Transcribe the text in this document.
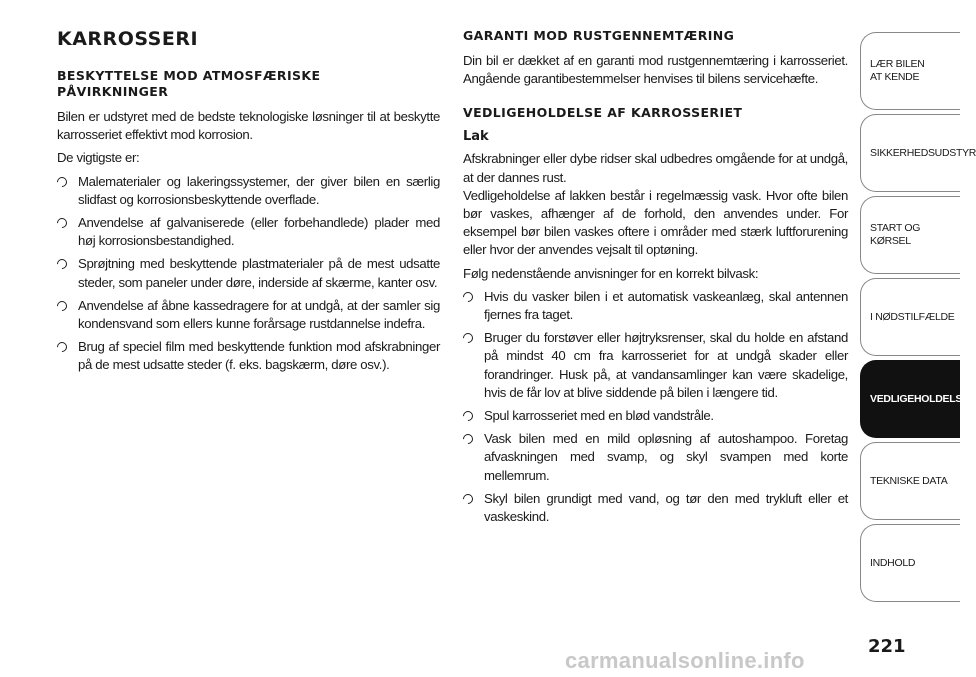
KARROSSERI
BESKYTTELSE MOD ATMOSFÆRISKE
PÅVIRKNINGER

Bilen er udstyret med de bedste teknologiske løsninger til at beskytte karrosseriet effektivt mod korrosion.

De vigtigste er:

Malematerialer og lakeringssystemer, der giver bilen en særlig slidfast og korrosionsbeskyttende overflade.
Anvendelse af galvaniserede (eller forbehandlede) plader med høj korrosionsbestandighed.
Sprøjtning med beskyttende plastmaterialer på de mest udsatte steder, som paneler under døre, inderside af skærme, kanter osv.
Anvendelse af åbne kassedragere for at undgå, at der samler sig kondensvand som ellers kunne forårsage rustdannelse indefra.
Brug af speciel film med beskyttende funktion mod afskrabninger på de mest udsatte steder (f. eks. bagskærm, døre osv.).
GARANTI MOD RUSTGENNEMTÆRING

Din bil er dækket af en garanti mod rustgennemtæring i karrosseriet. Angående garantibestemmelser henvises til bilens servicehæfte.

VEDLIGEHOLDELSE AF KARROSSERIET
Lak

Afskrabninger eller dybe ridser skal udbedres omgående for at undgå, at der dannes rust.

Vedligeholdelse af lakken består i regelmæssig vask. Hvor ofte bilen bør vaskes, afhænger af de forhold, den anvendes under. For eksempel bør bilen vaskes oftere i områder med stærk luftforurening eller hvor der anvendes vejsalt til optøning.

Følg nedenstående anvisninger for en korrekt bilvask:

Hvis du vasker bilen i et automatisk vaskeanlæg, skal antennen fjernes fra taget.
Bruger du forstøver eller højtryksrenser, skal du holde en afstand på mindst 40 cm fra karrosseriet for at undgå skader eller forandringer. Husk på, at vandansamlinger kan være skadelige, hvis de får lov at blive siddende på bilen i længere tid.
Spul karrosseriet med en blød vandstråle.
Vask bilen med en mild opløsning af autoshampoo. Foretag afvaskningen med svamp, og skyl svampen med korte mellemrum.
Skyl bilen grundigt med vand, og tør den med trykluft eller et vaskeskind.
LÆR BILEN
AT KENDE
SIKKERHEDSUDSTYR
START OG KØRSEL
I NØDSTILFÆLDE
VEDLIGEHOLDELSE
TEKNISKE DATA
INDHOLD
221
carmanualsonline.info
